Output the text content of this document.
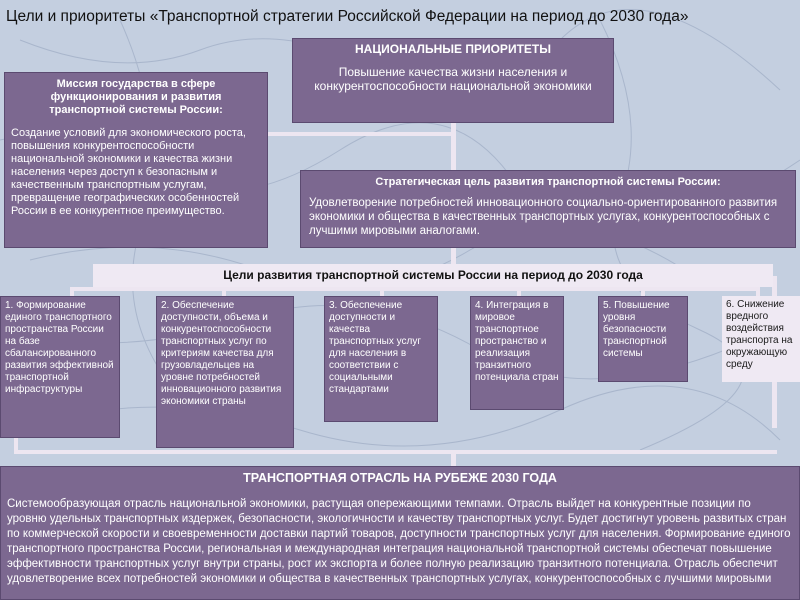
Цели и приоритеты «Транспортной стратегии Российской Федерации на период до 2030 года»
НАЦИОНАЛЬНЫЕ ПРИОРИТЕТЫ
Повышение качества жизни населения и конкурентоспособности национальной экономики
Миссия государства в сфере функционирования и развития транспортной системы России:
Создание условий для экономического роста, повышения конкурентоспособности национальной экономики и качества жизни населения через доступ к безопасным и качественным транспортным услугам, превращение географических особенностей России в ее конкурентное преимущество.
Стратегическая цель развития транспортной системы России:
Удовлетворение потребностей инновационного социально-ориентированного развития экономики и общества в качественных транспортных услугах, конкурентоспособных с лучшими мировыми аналогами.
Цели развития транспортной системы России на период до 2030 года
1. Формирование единого транспортного пространства России на базе сбалансированного развития эффективной транспортной инфраструктуры
2. Обеспечение доступности, объема и конкурентоспособности транспортных услуг по критериям качества для грузовладельцев на уровне потребностей инновационного развития экономики страны
3. Обеспечение доступности и качества транспортных услуг для населения в соответствии с социальными стандартами
4. Интеграция в мировое транспортное пространство и реализация транзитного потенциала стран
5. Повышение уровня безопасности транспортной системы
6. Снижение вредного воздействия транспорта на окружающую среду
ТРАНСПОРТНАЯ ОТРАСЛЬ НА РУБЕЖЕ 2030 ГОДА
Системообразующая отрасль национальной экономики, растущая опережающими темпами. Отрасль выйдет на конкурентные позиции по уровню удельных транспортных издержек, безопасности, экологичности и качеству транспортных услуг. Будет достигнут уровень развитых стран по коммерческой скорости и своевременности доставки партий товаров, доступности транспортных услуг для населения. Формирование единого транспортного пространства России, региональная и международная интеграция национальной транспортной системы обеспечат повышение эффективности транспортных услуг внутри страны, рост их экспорта и более полную реализацию транзитного потенциала. Отрасль обеспечит удовлетворение всех потребностей экономики и общества в качественных транспортных услугах, конкурентоспособных с лучшими мировыми
